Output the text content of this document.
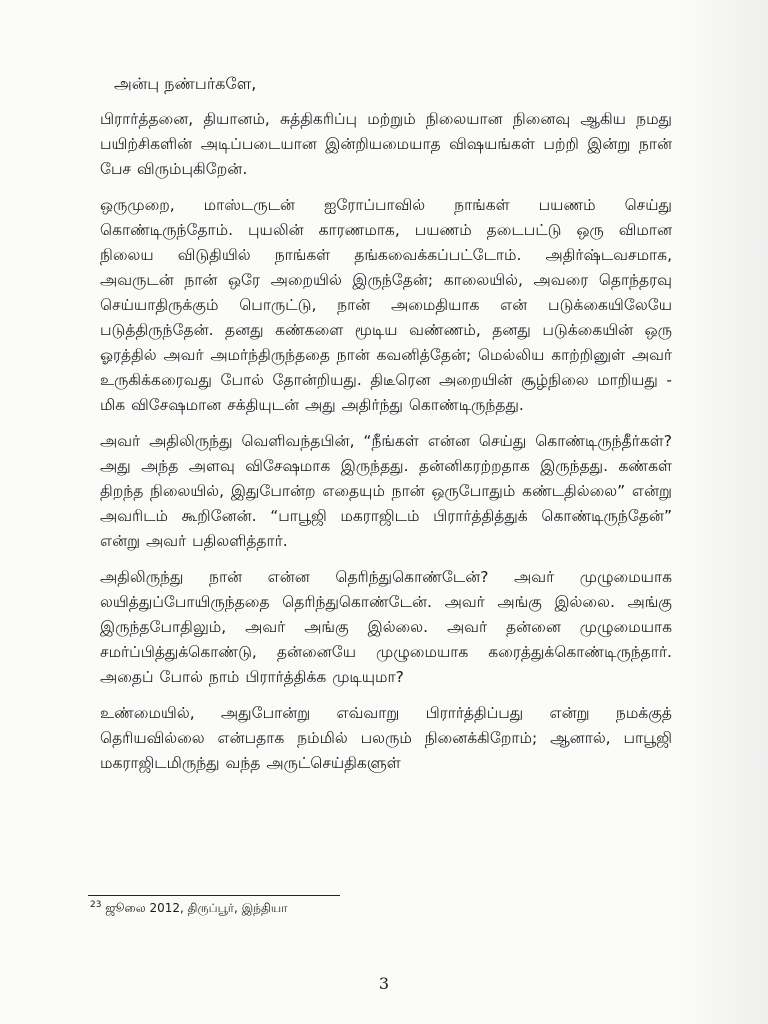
அன்பு நண்பர்களே,

பிரார்த்தனை, தியானம், சுத்திகரிப்பு மற்றும் நிலையான நினைவு ஆகிய நமது பயிற்சிகளின் அடிப்படையான இன்றியமையாத விஷயங்கள் பற்றி இன்று நான் பேச விரும்புகிறேன்.

ஒருமுறை, மாஸ்டருடன் ஐரோப்பாவில் நாங்கள் பயணம் செய்து கொண்டிருந்தோம். புயலின் காரணமாக, பயணம் தடைபட்டு ஒரு விமான நிலைய விடுதியில் நாங்கள் தங்கவைக்கப்பட்டோம். அதிர்ஷ்டவசமாக, அவருடன் நான் ஒரே அறையில் இருந்தேன்; காலையில், அவரை தொந்தரவு செய்யாதிருக்கும் பொருட்டு, நான் அமைதியாக என் படுக்கையிலேயே படுத்திருந்தேன். தனது கண்களை மூடிய வண்ணம், தனது படுக்கையின் ஒரு ஓரத்தில் அவர் அமர்ந்திருந்ததை நான் கவனித்தேன்; மெல்லிய காற்றினுள் அவர் உருகிக்கரைவது போல் தோன்றியது. திடீரென அறையின் சூழ்நிலை மாறியது - மிக விசேஷமான சக்தியுடன் அது அதிர்ந்து கொண்டிருந்தது.

அவர் அதிலிருந்து வெளிவந்தபின், “நீங்கள் என்ன செய்து கொண்டிருந்தீர்கள்? அது அந்த அளவு விசேஷமாக இருந்தது. தன்னிகரற்றதாக இருந்தது. கண்கள் திறந்த நிலையில், இதுபோன்ற எதையும் நான் ஒருபோதும் கண்டதில்லை” என்று அவரிடம் கூறினேன். “பாபூஜி மகராஜிடம் பிரார்த்தித்துக் கொண்டிருந்தேன்” என்று அவர் பதிலளித்தார்.

அதிலிருந்து நான் என்ன தெரிந்துகொண்டேன்? அவர் முழுமையாக லயித்துப்போயிருந்ததை தெரிந்துகொண்டேன். அவர் அங்கு இல்லை. அங்கு இருந்தபோதிலும், அவர் அங்கு இல்லை. அவர் தன்னை முழுமையாக சமர்ப்பித்துக்கொண்டு, தன்னையே முழுமையாக கரைத்துக்கொண்டிருந்தார். அதைப் போல் நாம் பிரார்த்திக்க முடியுமா?

உண்மையில், அதுபோன்று எவ்வாறு பிரார்த்திப்பது என்று நமக்குத் தெரியவில்லை என்பதாக நம்மில் பலரும் நினைக்கிறோம்; ஆனால், பாபூஜி மகராஜிடமிருந்து வந்த அருட்செய்திகளுள்

$^{23}$ ஜூலை 2012, திருப்பூர், இந்தியா
3
